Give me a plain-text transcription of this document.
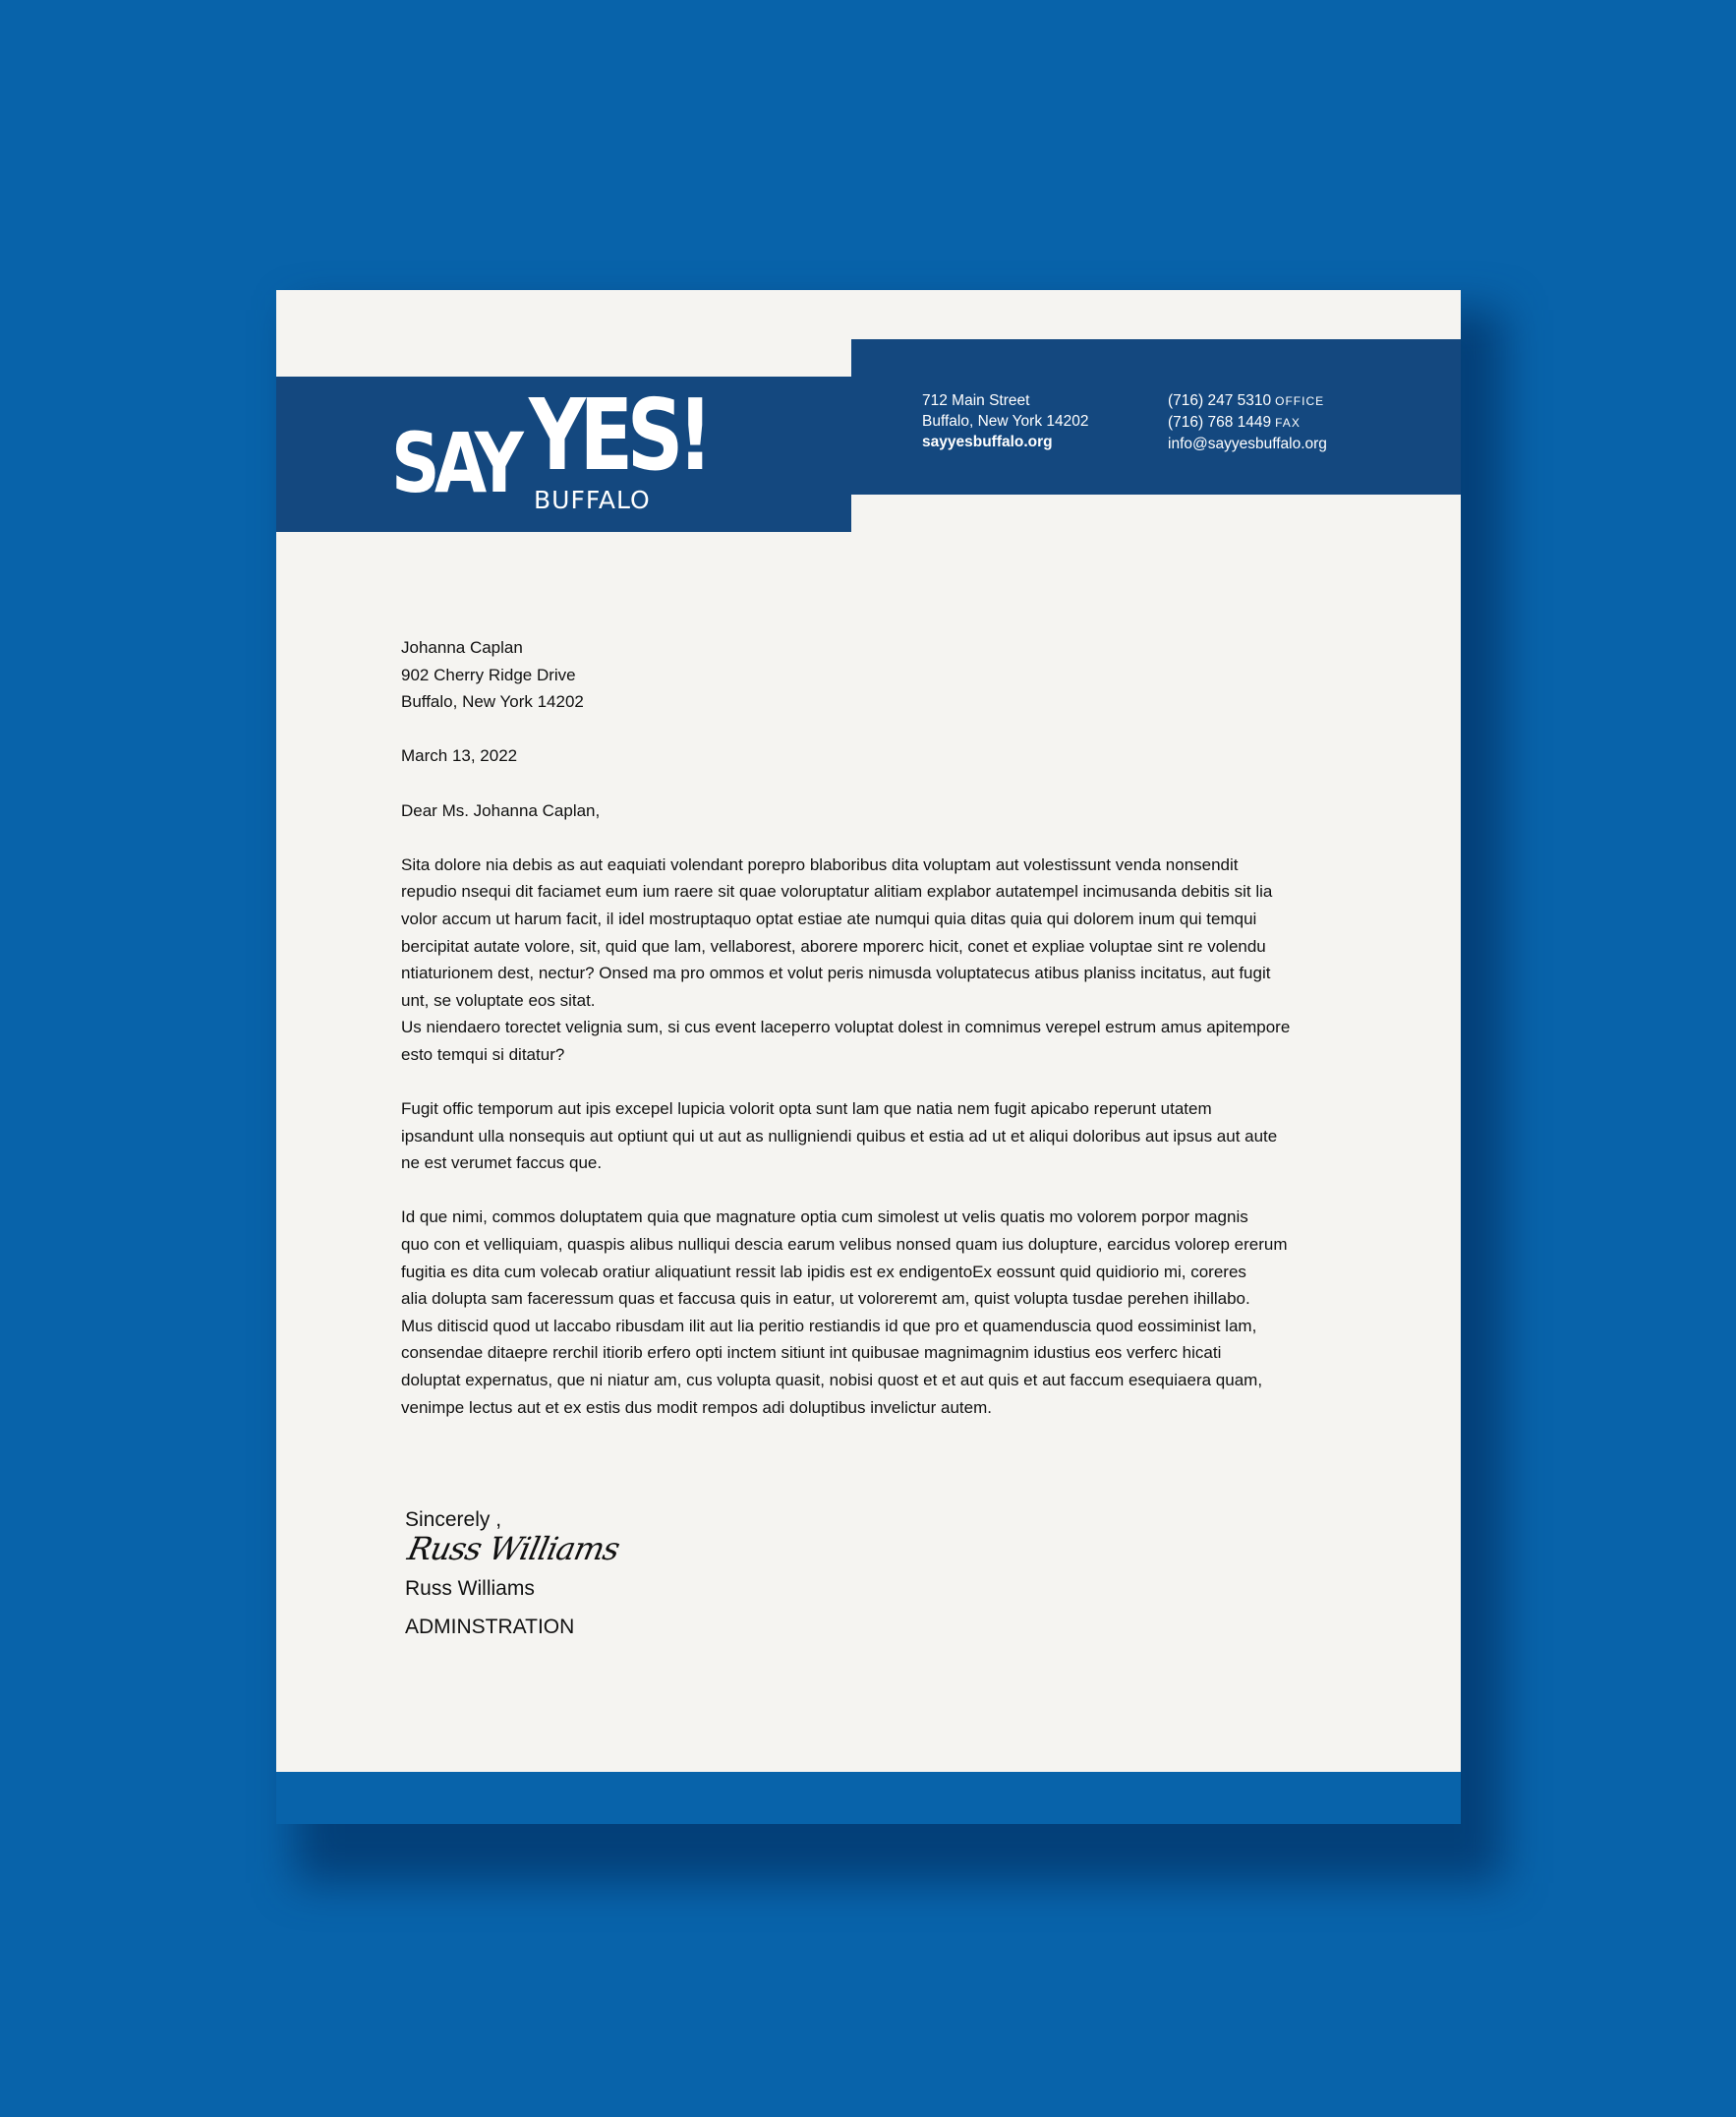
SAY YES!
BUFFALO
712 Main Street
Buffalo, New York 14202
sayyesbuffalo.org
(716) 247 5310 OFFICE
(716) 768 1449 FAX
info@sayyesbuffalo.org
Johanna Caplan
902 Cherry Ridge Drive
Buffalo, New York 14202
March 13, 2022
Dear Ms. Johanna Caplan,
Sita dolore nia debis as aut eaquiati volendant porepro blaboribus dita voluptam aut volestissunt venda nonsendit
repudio nsequi dit faciamet eum ium raere sit quae voloruptatur alitiam explabor autatempel incimusanda debitis sit lia
volor accum ut harum facit, il idel mostruptaquo optat estiae ate numqui quia ditas quia qui dolorem inum qui temqui
bercipitat autate volore, sit, quid que lam, vellaborest, aborere mporerc hicit, conet et expliae voluptae sint re volendu
ntiaturionem dest, nectur? Onsed ma pro ommos et volut peris nimusda voluptatecus atibus planiss incitatus, aut fugit
unt, se voluptate eos sitat.
Us niendaero torectet velignia sum, si cus event laceperro voluptat dolest in comnimus verepel estrum amus apitempore
esto temqui si ditatur?
Fugit offic temporum aut ipis excepel lupicia volorit opta sunt lam que natia nem fugit apicabo reperunt utatem
ipsandunt ulla nonsequis aut optiunt qui ut aut as nulligniendi quibus et estia ad ut et aliqui doloribus aut ipsus aut aute
ne est verumet faccus que.
Id que nimi, commos doluptatem quia que magnature optia cum simolest ut velis quatis mo volorem porpor magnis
quo con et velliquiam, quaspis alibus nulliqui descia earum velibus nonsed quam ius dolupture, earcidus volorep ererum
fugitia es dita cum volecab oratiur aliquatiunt ressit lab ipidis est ex endigentoEx eossunt quid quidiorio mi, coreres
alia dolupta sam faceressum quas et faccusa quis in eatur, ut voloreremt am, quist volupta tusdae perehen ihillabo.
Mus ditiscid quod ut laccabo ribusdam ilit aut lia peritio restiandis id que pro et quamenduscia quod eossiminist lam,
consendae ditaepre rerchil itiorib erfero opti inctem sitiunt int quibusae magnimagnim idustius eos verferc hicati
doluptat expernatus, que ni niatur am, cus volupta quasit, nobisi quost et et aut quis et aut faccum esequiaera quam,
venimpe lectus aut et ex estis dus modit rempos adi doluptibus invelictur autem.
Sincerely ,
Russ Williams
Russ Williams
ADMINSTRATION
